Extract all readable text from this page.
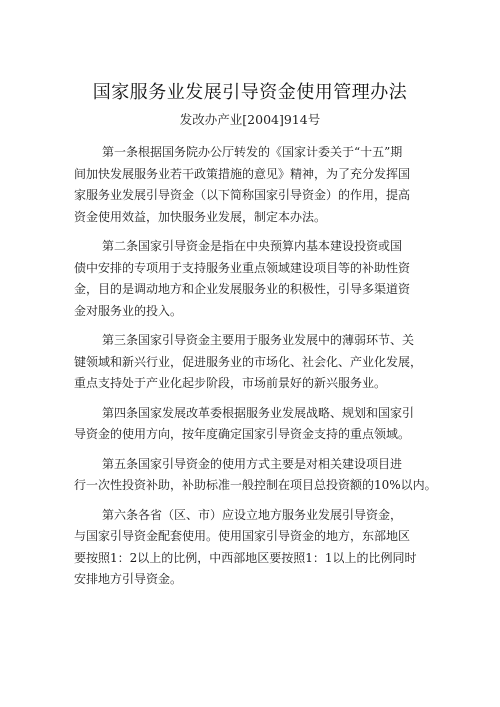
国家服务业发展引导资金使用管理办法
发改办产业[2004]914号

第一条根据国务院办公厅转发的《国家计委关于“十五”期
间加快发展服务业若干政策措施的意见》精神，为了充分发挥国
家服务业发展引导资金（以下简称国家引导资金）的作用，提高
资金使用效益，加快服务业发展，制定本办法。

第二条国家引导资金是指在中央预算内基本建设投资或国
债中安排的专项用于支持服务业重点领域建设项目等的补助性资
金，目的是调动地方和企业发展服务业的积极性，引导多渠道资
金对服务业的投入。

第三条国家引导资金主要用于服务业发展中的薄弱环节、关
键领域和新兴行业，促进服务业的市场化、社会化、产业化发展，
重点支持处于产业化起步阶段，市场前景好的新兴服务业。

第四条国家发展改革委根据服务业发展战略、规划和国家引
导资金的使用方向，按年度确定国家引导资金支持的重点领域。

第五条国家引导资金的使用方式主要是对相关建设项目进
行一次性投资补助，补助标准一般控制在项目总投资额的10%以内。

第六条各省（区、市）应设立地方服务业发展引导资金，
与国家引导资金配套使用。使用国家引导资金的地方，东部地区
要按照1：2以上的比例，中西部地区要按照1：1以上的比例同时
安排地方引导资金。
